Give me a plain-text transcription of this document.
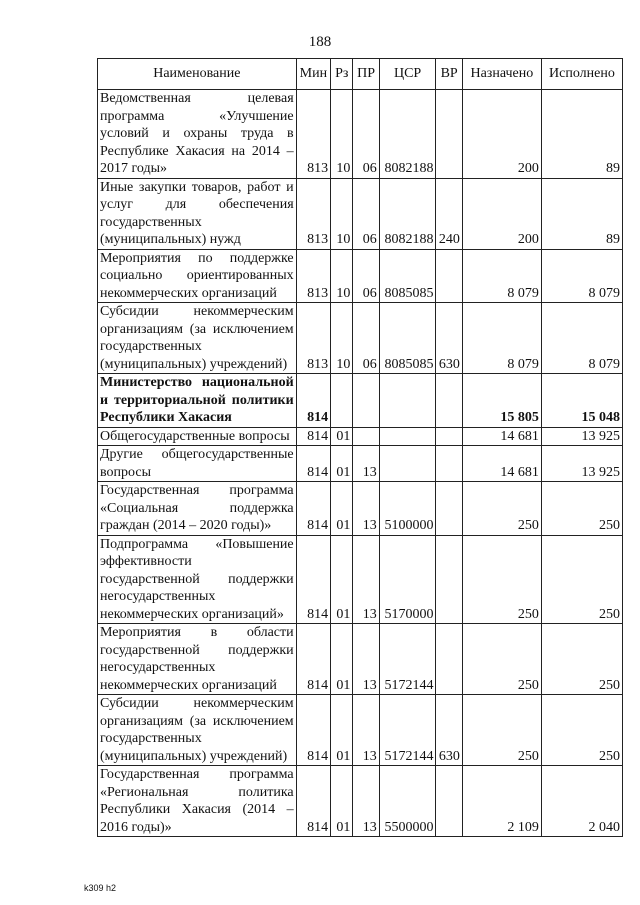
188
Наименование	Мин	Рз	ПР	ЦСР	ВР	Назначено	Исполнено
Ведомственная целевая программа «Улучшение условий и охраны труда в Республике Хакасия на 2014 – 2017 годы»	813	10	06	8082188		200	89
Иные закупки товаров, работ и услуг для обеспечения государственных (муниципальных) нужд	813	10	06	8082188	240	200	89
Мероприятия по поддержке социально ориентированных некоммерческих организаций	813	10	06	8085085		8 079	8 079
Субсидии некоммерческим организациям (за исключением государственных (муниципальных) учреждений)	813	10	06	8085085	630	8 079	8 079
Министерство национальной и территориальной политики Республики Хакасия	814					15 805	15 048
Общегосударственные вопросы	814	01				14 681	13 925
Другие общегосударственные вопросы	814	01	13			14 681	13 925
Государственная программа «Социальная поддержка граждан (2014 – 2020 годы)»	814	01	13	5100000		250	250
Подпрограмма «Повышение эффективности государственной поддержки негосударственных некоммерческих организаций»	814	01	13	5170000		250	250
Мероприятия в области государственной поддержки негосударственных некоммерческих организаций	814	01	13	5172144		250	250
Субсидии некоммерческим организациям (за исключением государственных (муниципальных) учреждений)	814	01	13	5172144	630	250	250
Государственная программа «Региональная политика Республики Хакасия (2014 – 2016 годы)»	814	01	13	5500000		2 109	2 040
k309 h2
